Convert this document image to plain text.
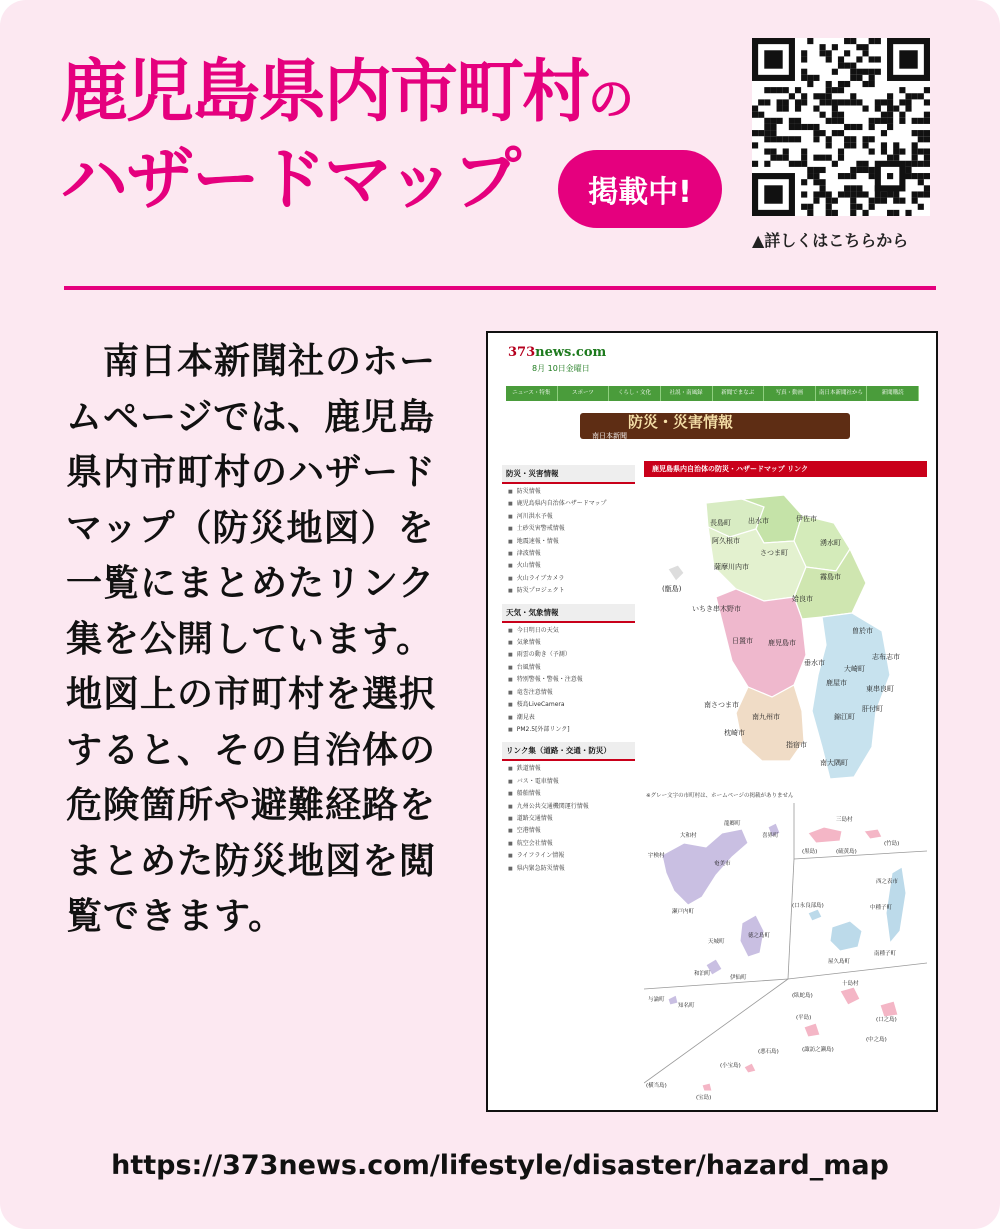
鹿児島県内市町村の
ハザードマップ	掲載中!
▲詳しくはこちらから

　南日本新聞社のホームページでは、鹿児島県内市町村のハザードマップ（防災地図）を一覧にまとめたリンク集を公開しています。地図上の市町村を選択すると、その自治体の危険箇所や避難経路をまとめた防災地図を閲覧できます。

373news.com
8月 10日金曜日
ニュース・特集	スポーツ	くらし・文化	社説・南風録	新聞でまなぶ	写真・動画	南日本新聞社から	新聞購読
防災・災害情報
南日本新聞
防災・災害情報
■ 防災情報
■ 鹿児島県内自治体ハザードマップ
■ 河川洪水予報
■ 土砂災害警戒情報
■ 地震速報・情報
■ 津波情報
■ 火山情報
■ 火山ライブカメラ
■ 防災プロジェクト
天気・気象情報
■ 今日明日の天気
■ 気象情報
■ 雨雲の動き（予測）
■ 台風情報
■ 特別警報・警報・注意報
■ 竜巻注意情報
■ 桜島LiveCamera
■ 潮見表
■ PM2.5[外部リンク]
リンク集（道路・交通・防災）
■ 鉄道情報
■ バス・電車情報
■ 船舶情報
■ 九州公共交通機関運行情報
■ 道路交通情報
■ 空港情報
■ 航空会社情報
■ ライフライン情報
■ 県内緊急防災情報
鹿児島県内自治体の防災・ハザードマップ リンク
長島町 出水市	伊佐市
阿久根市
さつま町
湧水町
薩摩川内市
霧島市
(甑島)
姶良市
いちき串木野市
曽於市
日置市 鹿児島市
志布志市
垂水市
大崎町
鹿屋市
東串良町
南さつま市
南九州市
枕崎市
錦江町
肝付町
指宿市
南大隅町
※グレー文字の市町村は、ホームページの掲載がありません
龍郷町
大和村	喜界町
宇検村
奄美市
瀬戸内町
天城町
徳之島町
和泊町
伊仙町
与論町
知名町
三島村
(黒島)	(硫黄島)
(竹島)
西之表市
(口永良部島)	中種子町
屋久島町
南種子町
十島村
(臥蛇島)
(平島)	(口之島)
(諏訪之瀬島)
(中之島)
(悪石島)
(小宝島)
(横当島)
(宝島)
https://373news.com/lifestyle/disaster/hazard_map
